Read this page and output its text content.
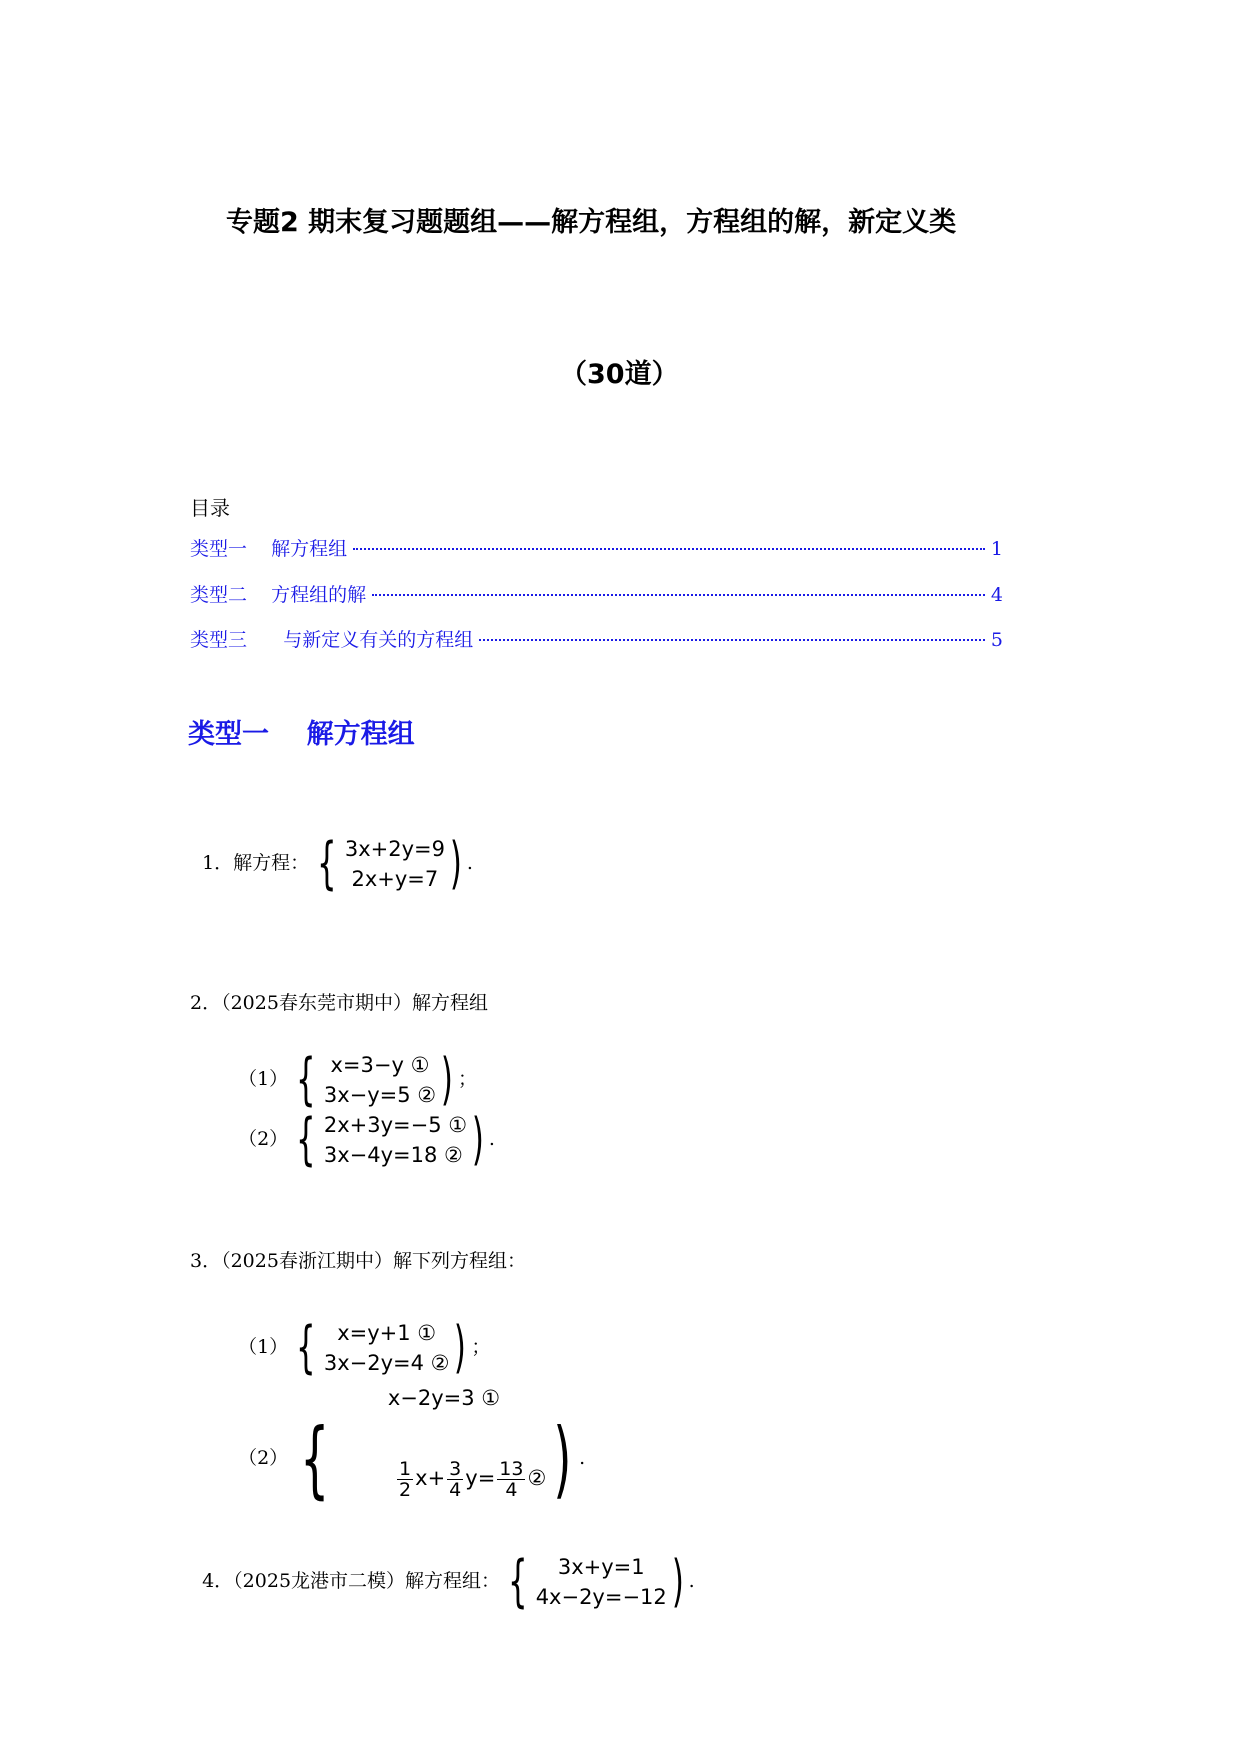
专题2 期末复习题题组——解方程组，方程组的解，新定义类
（30道）
目录
类型一    解方程组	1
类型二    方程组的解	4
类型三      与新定义有关的方程组	5
类型一    解方程组

1．解方程： { 3x+2y=9
2x+y=7 ) .

2．（2025春东莞市期中）解方程组

（1） { x=3−y ①
3x−y=5 ② ) ；
（2） { 2x+3y=−5 ①
3x−4y=18 ② ) .

3．（2025春浙江期中）解下列方程组：

（1） { x=y+1 ①
3x−2y=4 ② ) ；
（2） {
x−2y=3 ①

$\frac{1}{2} x+ \frac{3}{4} y= \frac{13}{4}$ ②
) .

4．（2025龙港市二模）解方程组： { 3x+y=1
4x−2y=−12 ) .
